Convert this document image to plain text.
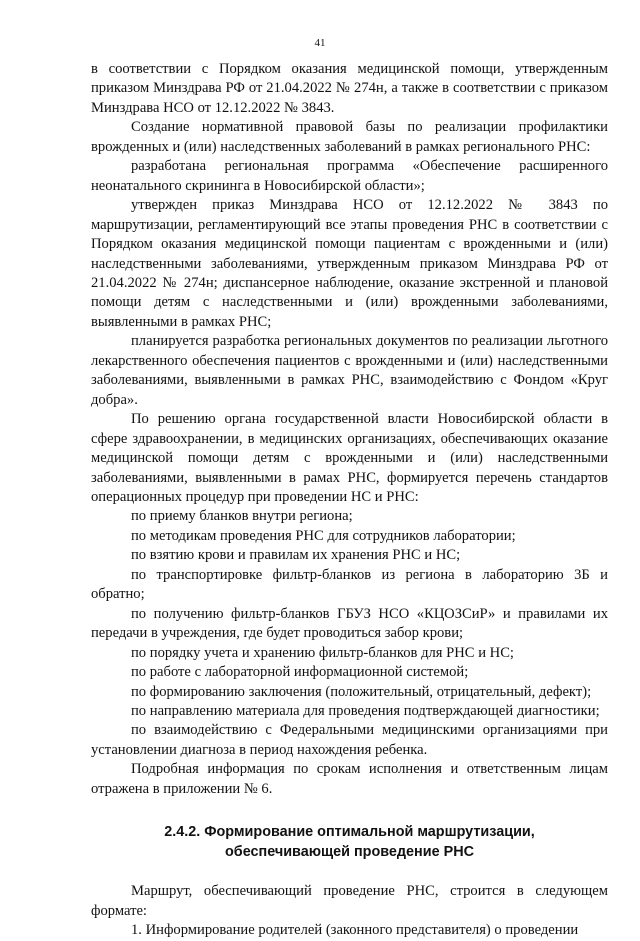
41

в соответствии с Порядком оказания медицинской помощи, утвержденным приказом Минздрава РФ от 21.04.2022 № 274н, а также в соответствии с приказом Минздрава НСО от 12.12.2022 № 3843.

Создание нормативной правовой базы по реализации профилактики врожденных и (или) наследственных заболеваний в рамках регионального РНС:

разработана региональная программа «Обеспечение расширенного неонатального скрининга в Новосибирской области»;

утвержден приказ Минздрава НСО от 12.12.2022 № 3843 по маршрутизации, регламентирующий все этапы проведения РНС в соответствии с Порядком оказания медицинской помощи пациентам с врожденными и (или) наследственными заболеваниями, утвержденным приказом Минздрава РФ от 21.04.2022 № 274н; диспансерное наблюдение, оказание экстренной и плановой помощи детям с наследственными и (или) врожденными заболеваниями, выявленными в рамках РНС;

планируется разработка региональных документов по реализации льготного лекарственного обеспечения пациентов с врожденными и (или) наследственными заболеваниями, выявленными в рамках РНС, взаимодействию с Фондом «Круг добра».

По решению органа государственной власти Новосибирской области в сфере здравоохранении, в медицинских организациях, обеспечивающих оказание медицинской помощи детям с врожденными и (или) наследственными заболеваниями, выявленными в рамах РНС, формируется перечень стандартов операционных процедур при проведении НС и РНС:

по приему бланков внутри региона;

по методикам проведения РНС для сотрудников лаборатории;

по взятию крови и правилам их хранения РНС и НС;

по транспортировке фильтр-бланков из региона в лабораторию 3Б и обратно;

по получению фильтр-бланков ГБУЗ НСО «КЦОЗСиР» и правилами их передачи в учреждения, где будет проводиться забор крови;

по порядку учета и хранению фильтр-бланков для РНС и НС;

по работе с лабораторной информационной системой;

по формированию заключения (положительный, отрицательный, дефект);

по направлению материала для проведения подтверждающей диагностики;

по взаимодействию с Федеральными медицинскими организациями при установлении диагноза в период нахождения ребенка.

Подробная информация по срокам исполнения и ответственным лицам отражена в приложении № 6.

2.4.2. Формирование оптимальной маршрутизации, обеспечивающей проведение РНС

Маршрут, обеспечивающий проведение РНС, строится в следующем формате:

1. Информирование родителей (законного представителя) о проведении
